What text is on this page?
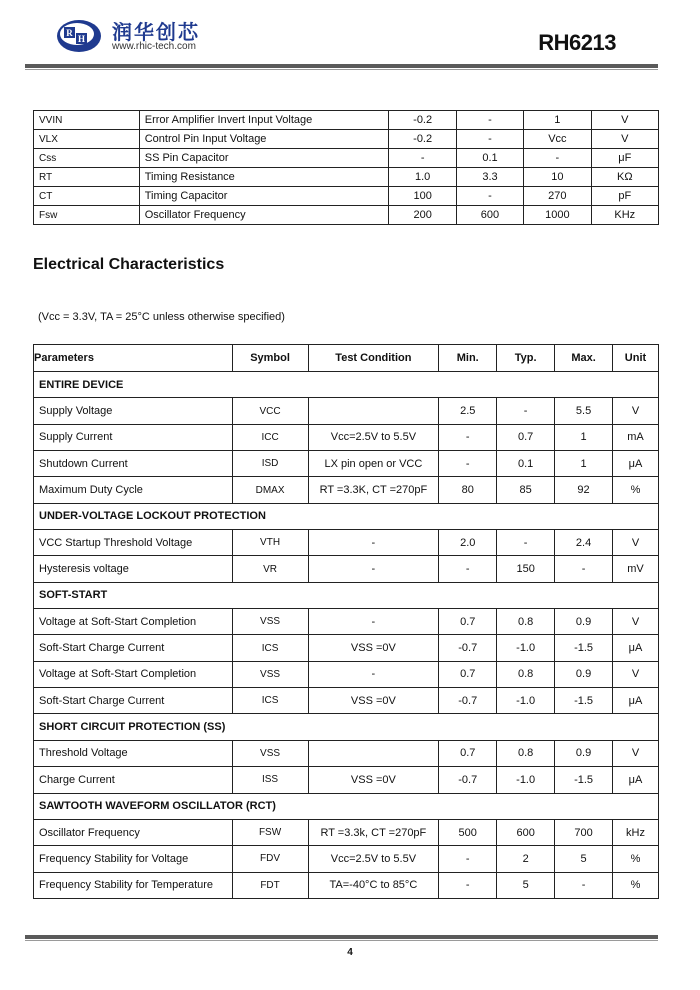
R
H 润华创芯
www.rhic-tech.com	RH6213
VVIN	Error Amplifier Invert Input Voltage	-0.2	-	1	V
VLX	Control Pin Input Voltage	-0.2	-	Vcc	V
Css	SS Pin Capacitor	-	0.1	-	μF
RT	Timing Resistance	1.0	3.3	10	KΩ
CT	Timing Capacitor	100	-	270	pF
Fsw	Oscillator Frequency	200	600	1000	KHz
Electrical Characteristics
(Vcc = 3.3V, TA = 25°C unless otherwise specified)
Parameters	Symbol	Test Condition	Min.	Typ.	Max.	Unit
ENTIRE DEVICE						
Supply Voltage	VCC		2.5	-	5.5	V
Supply Current	ICC	Vcc=2.5V to 5.5V	-	0.7	1	mA
Shutdown Current	ISD	LX pin open or VCC	-	0.1	1	μA
Maximum Duty Cycle	DMAX	RT =3.3K, CT =270pF	80	85	92	%
UNDER-VOLTAGE LOCKOUT PROTECTION						
VCC Startup Threshold Voltage	VTH	-	2.0	-	2.4	V
Hysteresis voltage	VR	-	-	150	-	mV
SOFT-START						
Voltage at Soft-Start Completion	VSS	-	0.7	0.8	0.9	V
Soft-Start Charge Current	ICS	VSS =0V	-0.7	-1.0	-1.5	μA
Voltage at Soft-Start Completion	VSS	-	0.7	0.8	0.9	V
Soft-Start Charge Current	ICS	VSS =0V	-0.7	-1.0	-1.5	μA
SHORT CIRCUIT PROTECTION (SS)						
Threshold Voltage	VSS		0.7	0.8	0.9	V
Charge Current	ISS	VSS =0V	-0.7	-1.0	-1.5	μA
SAWTOOTH WAVEFORM OSCILLATOR (RCT)						
Oscillator Frequency	FSW	RT =3.3k, CT =270pF	500	600	700	kHz
Frequency Stability for Voltage	FDV	Vcc=2.5V to 5.5V	-	2	5	%
Frequency Stability for Temperature	FDT	TA=-40°C to 85°C	-	5	-	%
4
